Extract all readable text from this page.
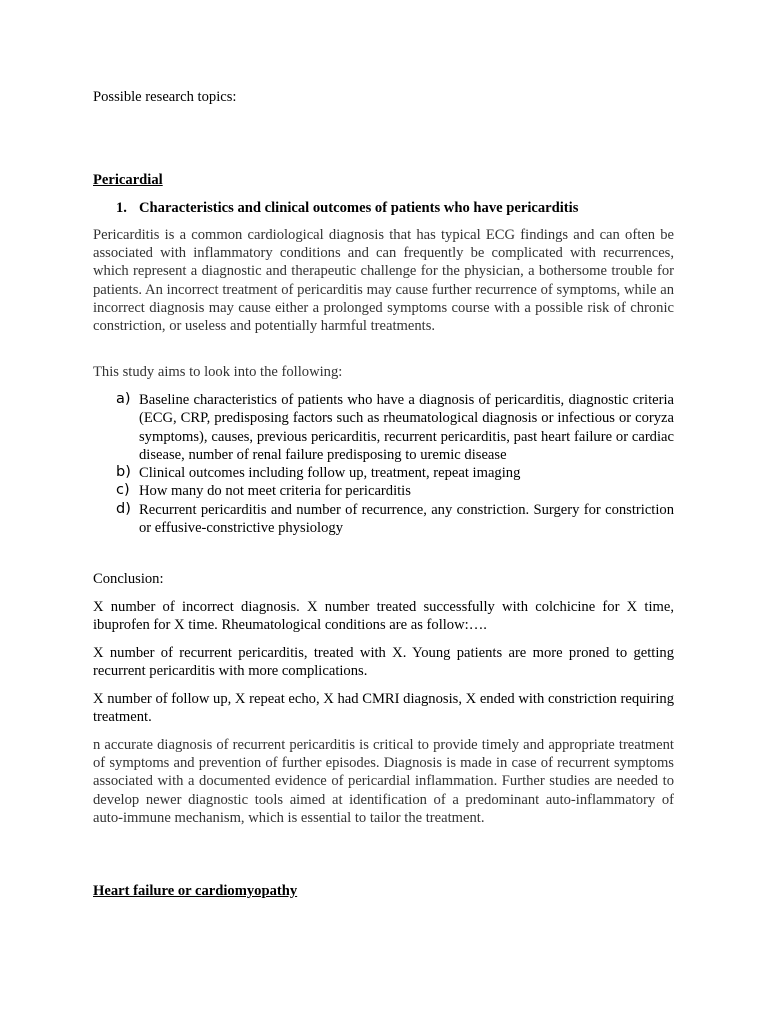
Possible research topics:

Pericardial

1. Characteristics and clinical outcomes of patients who have pericarditis

Pericarditis is a common cardiological diagnosis that has typical ECG findings and can often be associated with inflammatory conditions and can frequently be complicated with recurrences, which represent a diagnostic and therapeutic challenge for the physician, a bothersome trouble for patients. An incorrect treatment of pericarditis may cause further recurrence of symptoms, while an incorrect diagnosis may cause either a prolonged symptoms course with a possible risk of chronic constriction, or useless and potentially harmful treatments.

This study aims to look into the following:

a) Baseline characteristics of patients who have a diagnosis of pericarditis, diagnostic criteria (ECG, CRP, predisposing factors such as rheumatological diagnosis or infectious or coryza symptoms), causes, previous pericarditis, recurrent pericarditis, past heart failure or cardiac disease, number of renal failure predisposing to uremic disease
b) Clinical outcomes including follow up, treatment, repeat imaging
c) How many do not meet criteria for pericarditis
d) Recurrent pericarditis and number of recurrence, any constriction. Surgery for constriction or effusive-constrictive physiology

Conclusion:

X number of incorrect diagnosis. X number treated successfully with colchicine for X time, ibuprofen for X time. Rheumatological conditions are as follow:….

X number of recurrent pericarditis, treated with X. Young patients are more proned to getting recurrent pericarditis with more complications.

X number of follow up, X repeat echo, X had CMRI diagnosis, X ended with constriction requiring treatment.

n accurate diagnosis of recurrent pericarditis is critical to provide timely and appropriate treatment of symptoms and prevention of further episodes. Diagnosis is made in case of recurrent symptoms associated with a documented evidence of pericardial inflammation. Further studies are needed to develop newer diagnostic tools aimed at identification of a predominant auto-inflammatory of auto-immune mechanism, which is essential to tailor the treatment.

Heart failure or cardiomyopathy
